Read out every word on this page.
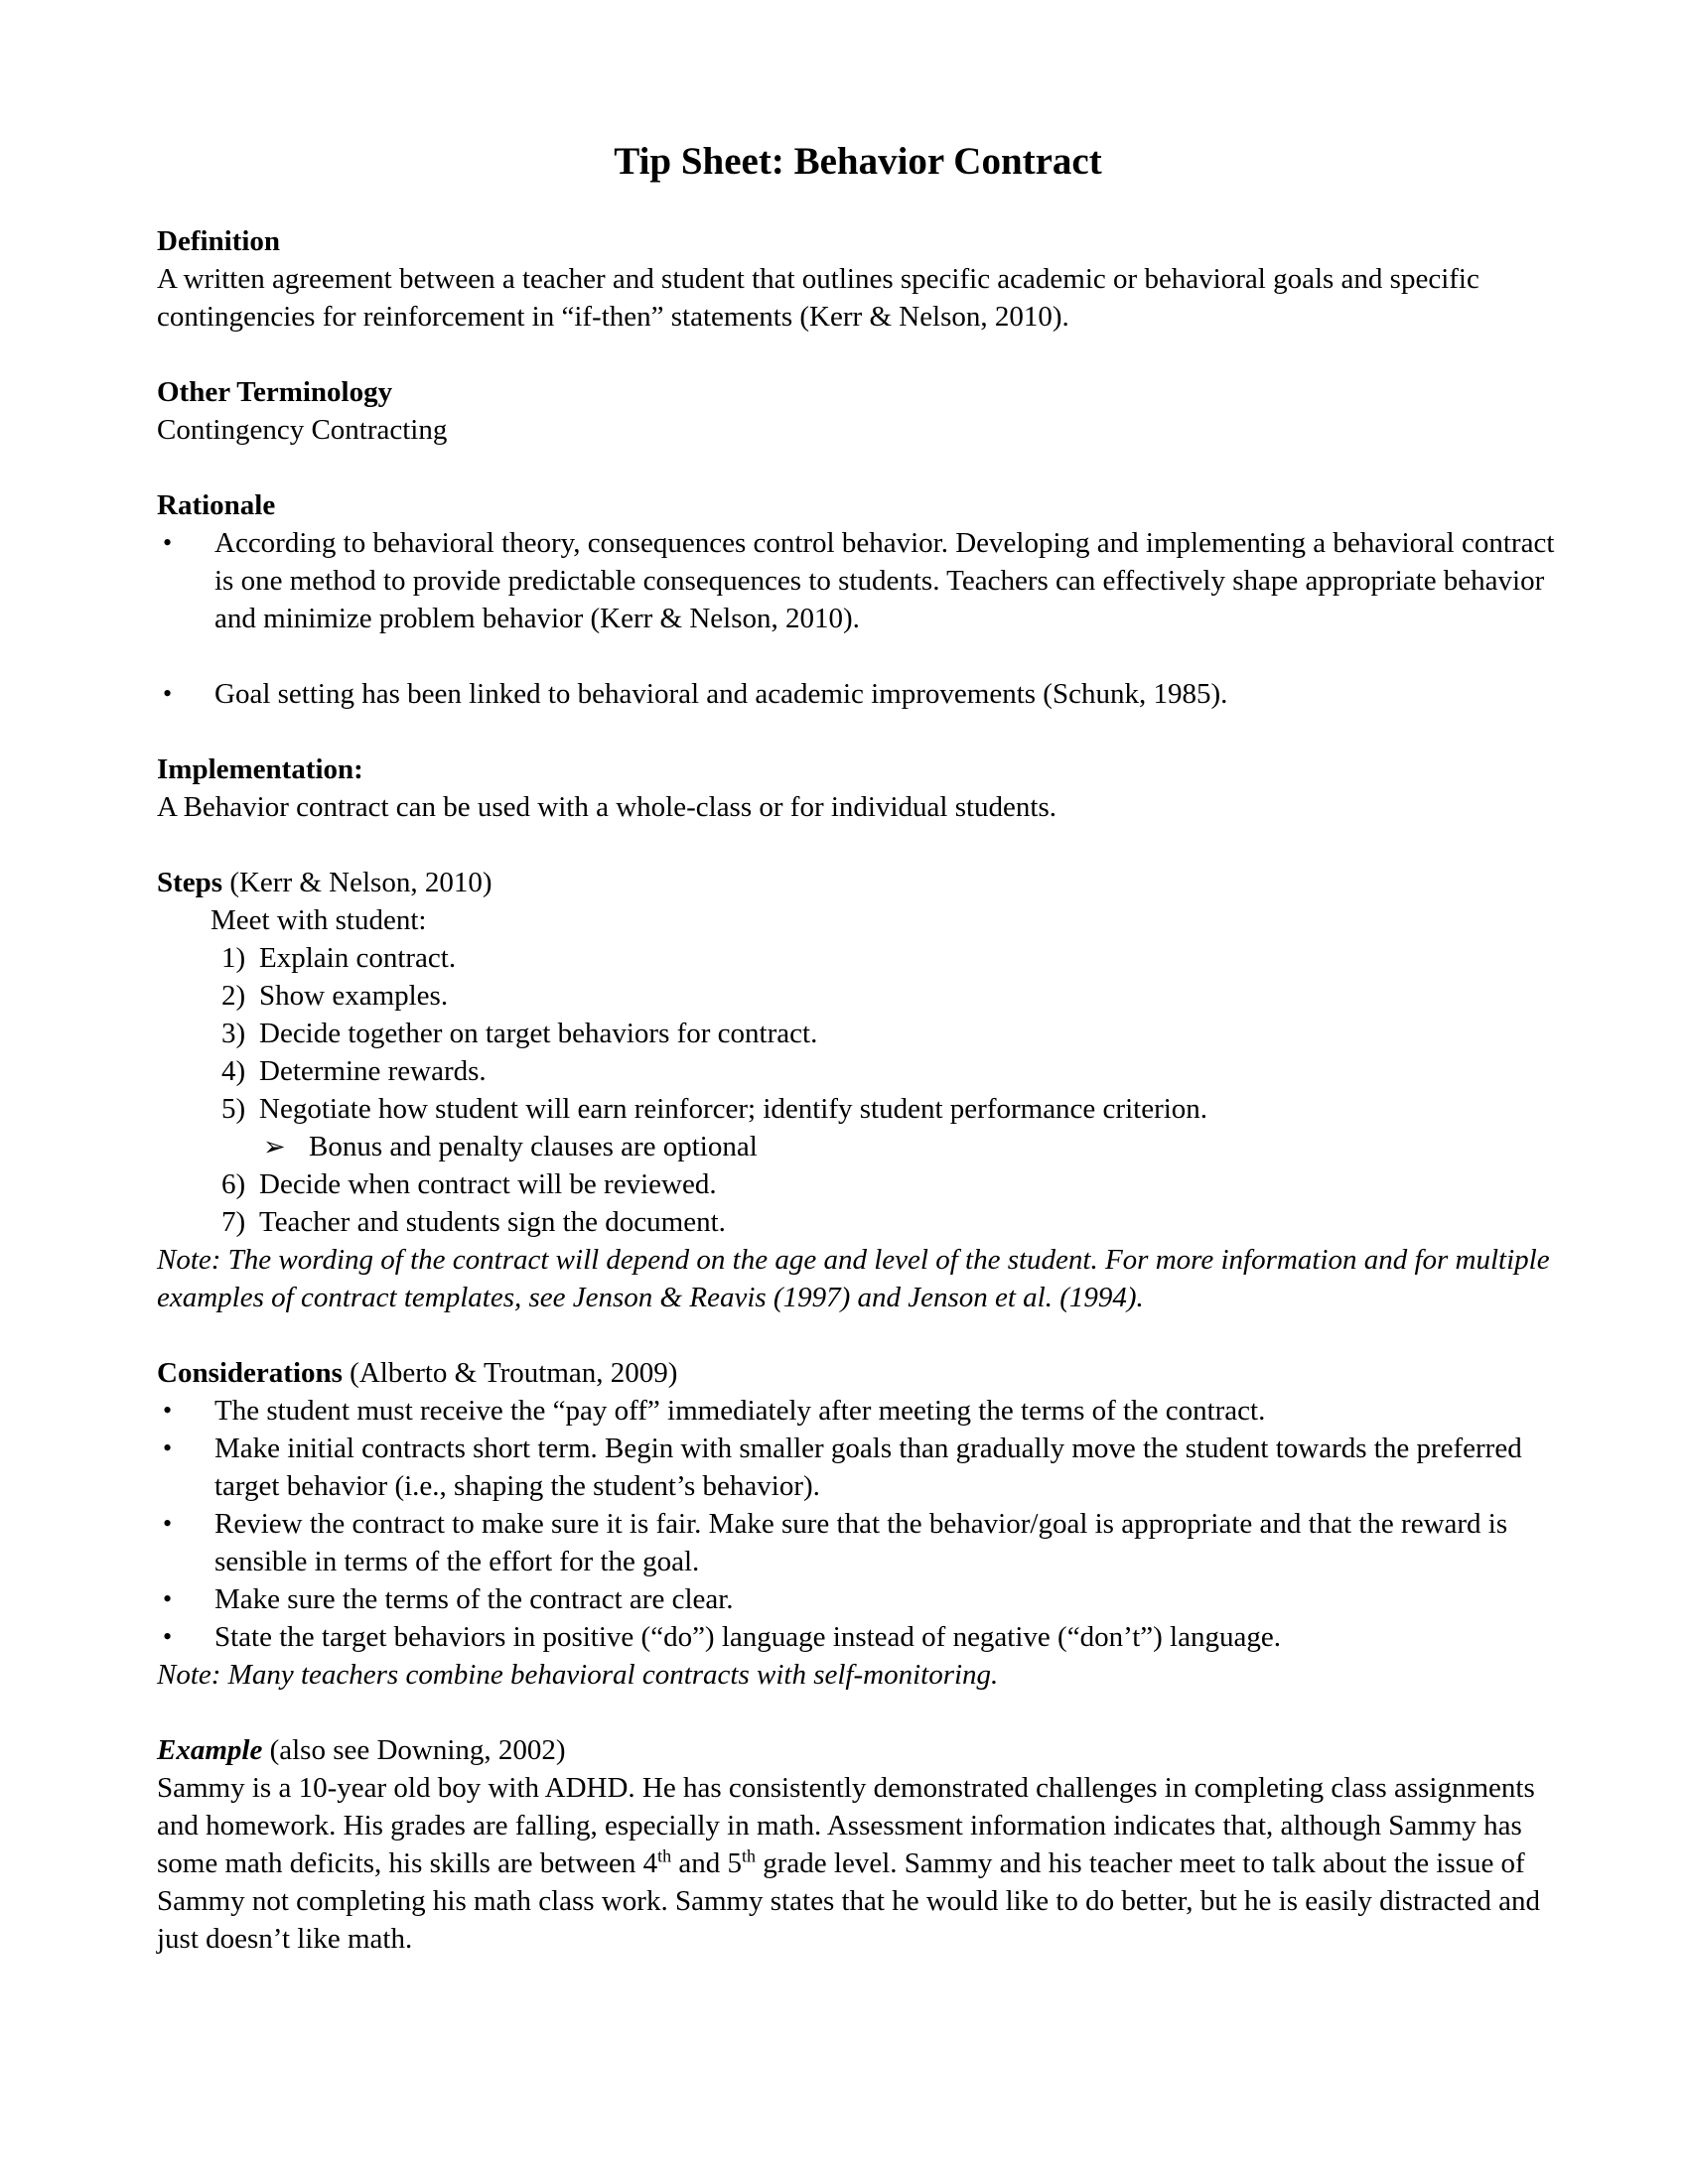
Tip Sheet: Behavior Contract

Definition

A written agreement between a teacher and student that outlines specific academic or behavioral goals and specific contingencies for reinforcement in “if-then” statements (Kerr & Nelson, 2010).

Other Terminology

Contingency Contracting

Rationale

•	According to behavioral theory, consequences control behavior. Developing and implementing a behavioral contract is one method to provide predictable consequences to students. Teachers can effectively shape appropriate behavior and minimize problem behavior (Kerr & Nelson, 2010).
•	Goal setting has been linked to behavioral and academic improvements (Schunk, 1985).

Implementation:

A Behavior contract can be used with a whole-class or for individual students.

Steps (Kerr & Nelson, 2010)

Meet with student:

1) Explain contract.
2) Show examples.
3) Decide together on target behaviors for contract.
4) Determine rewards.
5) Negotiate how student will earn reinforcer; identify student performance criterion.
➢ Bonus and penalty clauses are optional
6) Decide when contract will be reviewed.
7) Teacher and students sign the document.

Note: The wording of the contract will depend on the age and level of the student. For more information and for multiple examples of contract templates, see Jenson & Reavis (1997) and Jenson et al. (1994).

Considerations (Alberto & Troutman, 2009)

•	The student must receive the “pay off” immediately after meeting the terms of the contract.
•	Make initial contracts short term. Begin with smaller goals than gradually move the student towards the preferred target behavior (i.e., shaping the student’s behavior).
•	Review the contract to make sure it is fair. Make sure that the behavior/goal is appropriate and that the reward is sensible in terms of the effort for the goal.
•	Make sure the terms of the contract are clear.
•	State the target behaviors in positive (“do”) language instead of negative (“don’t”) language.

Note: Many teachers combine behavioral contracts with self-monitoring.

Example (also see Downing, 2002)

Sammy is a 10-year old boy with ADHD. He has consistently demonstrated challenges in completing class assignments and homework. His grades are falling, especially in math. Assessment information indicates that, although Sammy has some math deficits, his skills are between 4th and 5th grade level. Sammy and his teacher meet to talk about the issue of Sammy not completing his math class work. Sammy states that he would like to do better, but he is easily distracted and just doesn’t like math.
